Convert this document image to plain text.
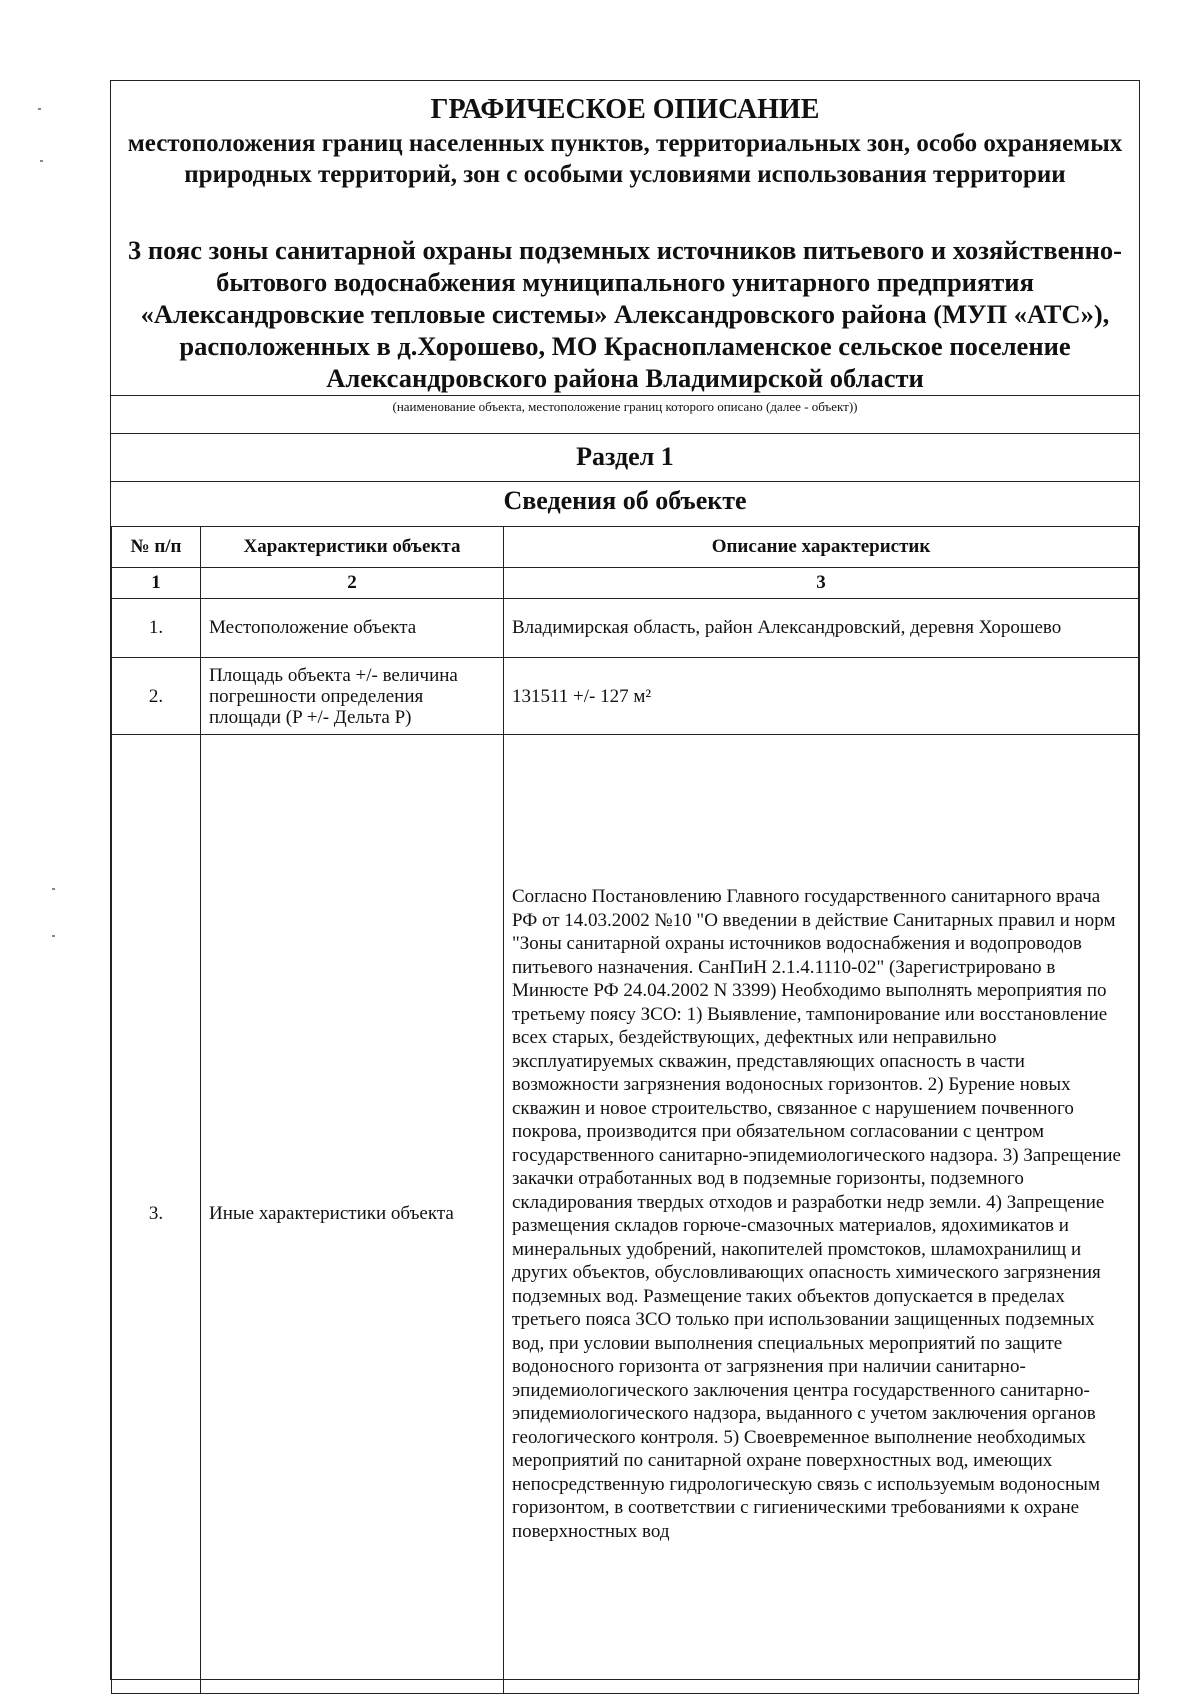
ГРАФИЧЕСКОЕ ОПИСАНИЕ
местоположения границ населенных пунктов, территориальных зон, особо охраняемых природных территорий, зон с особыми условиями использования территории
3 пояс зоны санитарной охраны подземных источников питьевого и хозяйственно-бытового водоснабжения муниципального унитарного предприятия «Александровские тепловые системы» Александровского района (МУП «АТС»), расположенных в д.Хорошево, МО Краснопламенское сельское поселение Александровского района Владимирской области
(наименование объекта, местоположение границ которого описано (далее - объект))
Раздел 1
Сведения об объекте
№ п/п	Характеристики объекта	Описание характеристик
1	2	3
1.	Местоположение объекта	Владимирская область, район Александровский, деревня Хорошево
2.	Площадь объекта +/- величина погрешности определения площади (P +/- Дельта P)	131511 +/- 127 м²
3.	Иные характеристики объекта	Согласно Постановлению Главного государственного санитарного врача РФ от 14.03.2002 №10 "О введении в действие Санитарных правил и норм "Зоны санитарной охраны источников водоснабжения и водопроводов питьевого назначения. СанПиН 2.1.4.1110-02" (Зарегистрировано в Минюсте РФ 24.04.2002 N 3399) Необходимо выполнять мероприятия по третьему поясу ЗСО: 1) Выявление, тампонирование или восстановление всех старых, бездействующих, дефектных или неправильно эксплуатируемых скважин, представляющих опасность в части возможности загрязнения водоносных горизонтов. 2) Бурение новых скважин и новое строительство, связанное с нарушением почвенного покрова, производится при обязательном согласовании с центром государственного санитарно-эпидемиологического надзора. 3) Запрещение закачки отработанных вод в подземные горизонты, подземного складирования твердых отходов и разработки недр земли. 4) Запрещение размещения складов горюче-смазочных материалов, ядохимикатов и минеральных удобрений, накопителей промстоков, шламохранилищ и других объектов, обусловливающих опасность химического загрязнения подземных вод. Размещение таких объектов допускается в пределах третьего пояса ЗСО только при использовании защищенных подземных вод, при условии выполнения специальных мероприятий по защите водоносного горизонта от загрязнения при наличии санитарно-эпидемиологического заключения центра государственного санитарно-эпидемиологического надзора, выданного с учетом заключения органов геологического контроля. 5) Своевременное выполнение необходимых мероприятий по санитарной охране поверхностных вод, имеющих непосредственную гидрологическую связь с используемым водоносным горизонтом, в соответствии с гигиеническими требованиями к охране поверхностных вод
